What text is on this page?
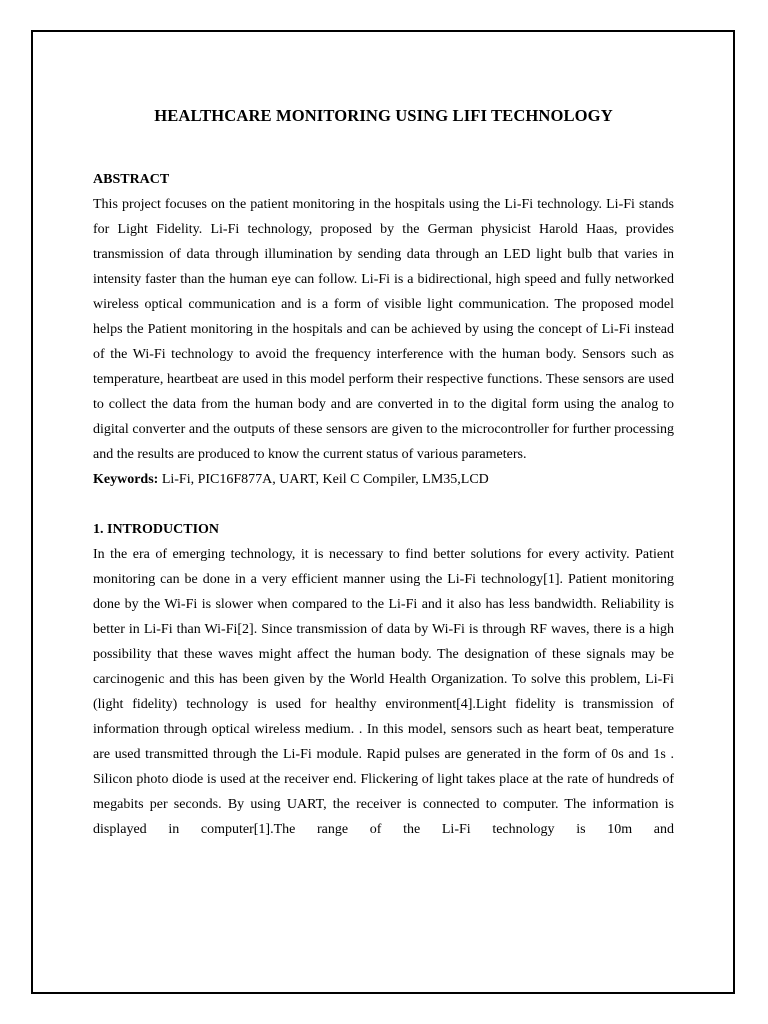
HEALTHCARE MONITORING USING LIFI TECHNOLOGY
ABSTRACT

This project focuses on the patient monitoring in the hospitals using the Li-Fi technology. Li-Fi stands for Light Fidelity. Li-Fi technology, proposed by the German physicist Harold Haas, provides transmission of data through illumination by sending data through an LED light bulb that varies in intensity faster than the human eye can follow. Li-Fi is a bidirectional, high speed and fully networked wireless optical communication and is a form of visible light communication. The proposed model helps the Patient monitoring in the hospitals and can be achieved by using the concept of Li-Fi instead of the Wi-Fi technology to avoid the frequency interference with the human body. Sensors such as temperature, heartbeat are used in this model perform their respective functions. These sensors are used to collect the data from the human body and are converted in to the digital form using the analog to digital converter and the outputs of these sensors are given to the microcontroller for further processing and the results are produced to know the current status of various parameters.

Keywords: Li-Fi, PIC16F877A, UART, Keil C Compiler, LM35,LCD

1. INTRODUCTION

In the era of emerging technology, it is necessary to find better solutions for every activity. Patient monitoring can be done in a very efficient manner using the Li-Fi technology[1]. Patient monitoring done by the Wi-Fi is slower when compared to the Li-Fi and it also has less bandwidth. Reliability is better in Li-Fi than Wi-Fi[2]. Since transmission of data by Wi-Fi is through RF waves, there is a high possibility that these waves might affect the human body. The designation of these signals may be carcinogenic and this has been given by the World Health Organization. To solve this problem, Li-Fi (light fidelity) technology is used for healthy environment[4].Light fidelity is transmission of information through optical wireless medium. . In this model, sensors such as heart beat, temperature are used transmitted through the Li-Fi module. Rapid pulses are generated in the form of 0s and 1s . Silicon photo diode is used at the receiver end. Flickering of light takes place at the rate of hundreds of megabits per seconds. By using UART, the receiver is connected to computer. The information is displayed in computer[1].The range of the Li-Fi technology is 10m and
